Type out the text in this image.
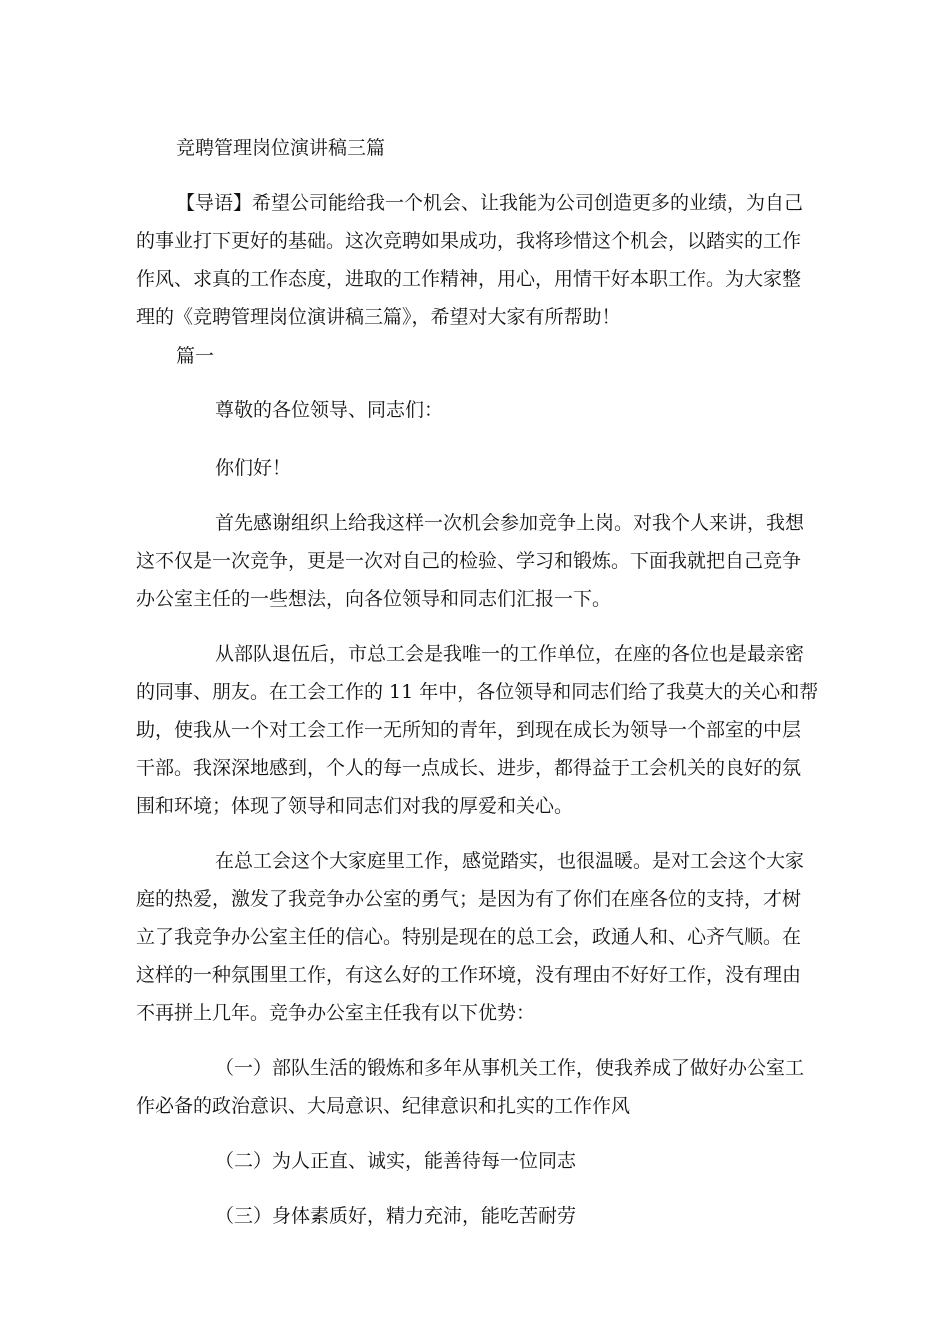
竞聘管理岗位演讲稿三篇

【导语】希望公司能给我一个机会、让我能为公司创造更多的业绩，为自己

的事业打下更好的基础。这次竞聘如果成功，我将珍惜这个机会，以踏实的工作

作风、求真的工作态度，进取的工作精神，用心，用情干好本职工作。为大家整

理的《竞聘管理岗位演讲稿三篇》，希望对大家有所帮助！

篇一

尊敬的各位领导、同志们：

你们好！

首先感谢组织上给我这样一次机会参加竞争上岗。对我个人来讲，我想

这不仅是一次竞争，更是一次对自己的检验、学习和锻炼。下面我就把自己竞争

办公室主任的一些想法，向各位领导和同志们汇报一下。

从部队退伍后，市总工会是我唯一的工作单位，在座的各位也是最亲密

的同事、朋友。在工会工作的 11 年中，各位领导和同志们给了我莫大的关心和帮

助，使我从一个对工会工作一无所知的青年，到现在成长为领导一个部室的中层

干部。我深深地感到，个人的每一点成长、进步，都得益于工会机关的良好的氛

围和环境；体现了领导和同志们对我的厚爱和关心。

在总工会这个大家庭里工作，感觉踏实，也很温暖。是对工会这个大家

庭的热爱，激发了我竞争办公室的勇气；是因为有了你们在座各位的支持，才树

立了我竞争办公室主任的信心。特别是现在的总工会，政通人和、心齐气顺。在

这样的一种氛围里工作，有这么好的工作环境，没有理由不好好工作，没有理由

不再拼上几年。竞争办公室主任我有以下优势：

（一）部队生活的锻炼和多年从事机关工作，使我养成了做好办公室工

作必备的政治意识、大局意识、纪律意识和扎实的工作作风

（二）为人正直、诚实，能善待每一位同志

（三）身体素质好，精力充沛，能吃苦耐劳
